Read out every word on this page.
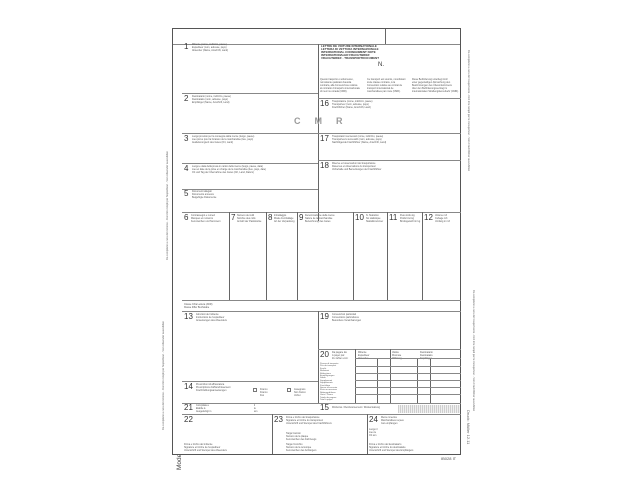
Da compilarsi a cura del mittente - Doit être rempli par l'expéditeur - Vom Absender auszufüllen
Da compilarsi a cura del mittente - Doit être rempli par l'expéditeur - Vom Absender auszufüllen
Da compilarsi a cura del trasportatore - Doit être rempli par le transporteur - Vom Frachtführer auszufüllen
Da compilarsi a cura del trasportatore - Doit être rempli par le transporteur - Vom Frachtführer auszufüllen
Druck: Müller 12.11
1 Mittente (nome, indirizzo, paese)
Expéditeur (nom, adresse, pays)
Absender (Name, Anschrift, Land)
2 Destinatario (nome, indirizzo, paese)
Destinataire (nom, adresse, pays)
Empfänger (Name, Anschrift, Land)
3 Luogo previsto per la consegna della merce (luogo, paese)
Lieu prévu pour la livraison de la marchandise (lieu, pays)
Auslieferungsort des Gutes (Ort, Land)
4 Luogo e data della presa in carico della merce (luogo, paese, data)
Lieu et date de la prise en charge de la marchandise (lieu, pays, date)
Ort und Tag der Übernahme des Gutes (Ort, Land, Datum)
5 Documenti allegati
Documents annexés
Beigefügte Dokumente
LETTRE DE VOITURE INTERNATIONALE
LETTERA DI VETTURA INTERNAZIONALE
INTERNATIONAL CONSIGNMENT NOTE
INTERNATIONALER FRACHTBRIEF
VRACHTBRIEF - TRANSPORTDOCUMENT
N.
Questo trasporto è sottomesso,
nonostante qualsiasi clausola
contraria, alla Convenzione relativa
al contratto di trasporto internazionale
di merci su strada (CMR).
Ce transport est soumis, nonobstant
toute clause contraire, à la
Convention relative au contrat de
transport international de
marchandises par route (CMR).
Diese Beförderung unterliegt trotz
einer gegenteiligen Abmachung den
Bestimmungen des Übereinkommens
über den Beförderungsvertrag im
internationalen Straßengüterverkehr (CMR).
16 Trasportatore (nome, indirizzo, paese)
Transporteur (nom, adresse, pays)
Frachtführer (Name, Anschrift, Land)
CMR
17 Trasportatori successivi (nome, indirizzo, paese)
Transporteurs successifs (nom, adresse, pays)
Nachfolgende Frachtführer (Name, Anschrift, Land)
18 Riserve ed osservazioni del trasportatore
Réserves et observations du transporteur
Vorbehalte und Bemerkungen der Frachtführer
6 Contrassegni e numeri
Marques et numéros
Kennzeichen und Nummern 7 Numero dei colli
Nombre des colis
Anzahl der Packstücke 8 Imballaggio
Mode d'emballage
Art der Verpackung 9 Denominazione della merce
Nature de la marchandise
Bezeichnung des Gutes	10 N. Statistico
No statistique
Statistiknummer 11 Peso lordo kg
Poids brut kg
Bruttogewicht in kg 12 Volume m3
Cubage m3
Umfang in m3
Classe Cifra Lettera (ADR)
Klasse Ziffer Buchstabe
13 Istruzioni del mittente
Instructions de l'expéditeur
Anweisungen des Absenders	19 Convenzioni particolari
Conventions particulières
Besondere Vereinbarungen
20 Da pagare da:
A payer par:
Zu zahlen vom:
Prezzo di trasporto
Prix de transport
Fracht
Riduzioni
Réductions
Ermäßigungen
Saldo
Supplementi
Suppléments
Zuschläge
Spese accessorie
Frais accessoires
Nebengebühren
Varie / Divers
Totale da pagare
Total à payer
Mittente
Expéditeur
Absender
Valuta
Monnaie
Währung
Destinatario
Destinataire
Empfänger
14 Prescrizioni di affrancatura
Prescriptions d'affranchissement
Frachtzahlungsanweisungen	Franco
Franco
Frei
Assegnato
Non franco
Unfrei
21 Compilata a
Etablie à
Ausgefertigt in
il
le
am	15 Rimborso / Remboursement / Rückerstattung
22
Firma e timbro del mittente
Signature et timbre de l'expéditeur
Unterschrift und Stempel des Absenders
23 Firma e timbro del trasportatore
Signature et timbre du transporteur
Unterschrift und Stempel des Frachtführers
Targa Camion
Numéro de la plaque
Kennzeichen des Fahrzeugs
Targa rimorchio
Numéro de la remorque
Kennzeichen des Anhängers
24 Merce ricevuta
Marchandises reçues
Gut empfangen
Luogo il
Lieu le
Ort am
Firma e timbro del destinatario
Signature et timbre du destinataire
Unterschrift und Stempel des Empfängers
IB028 IT
